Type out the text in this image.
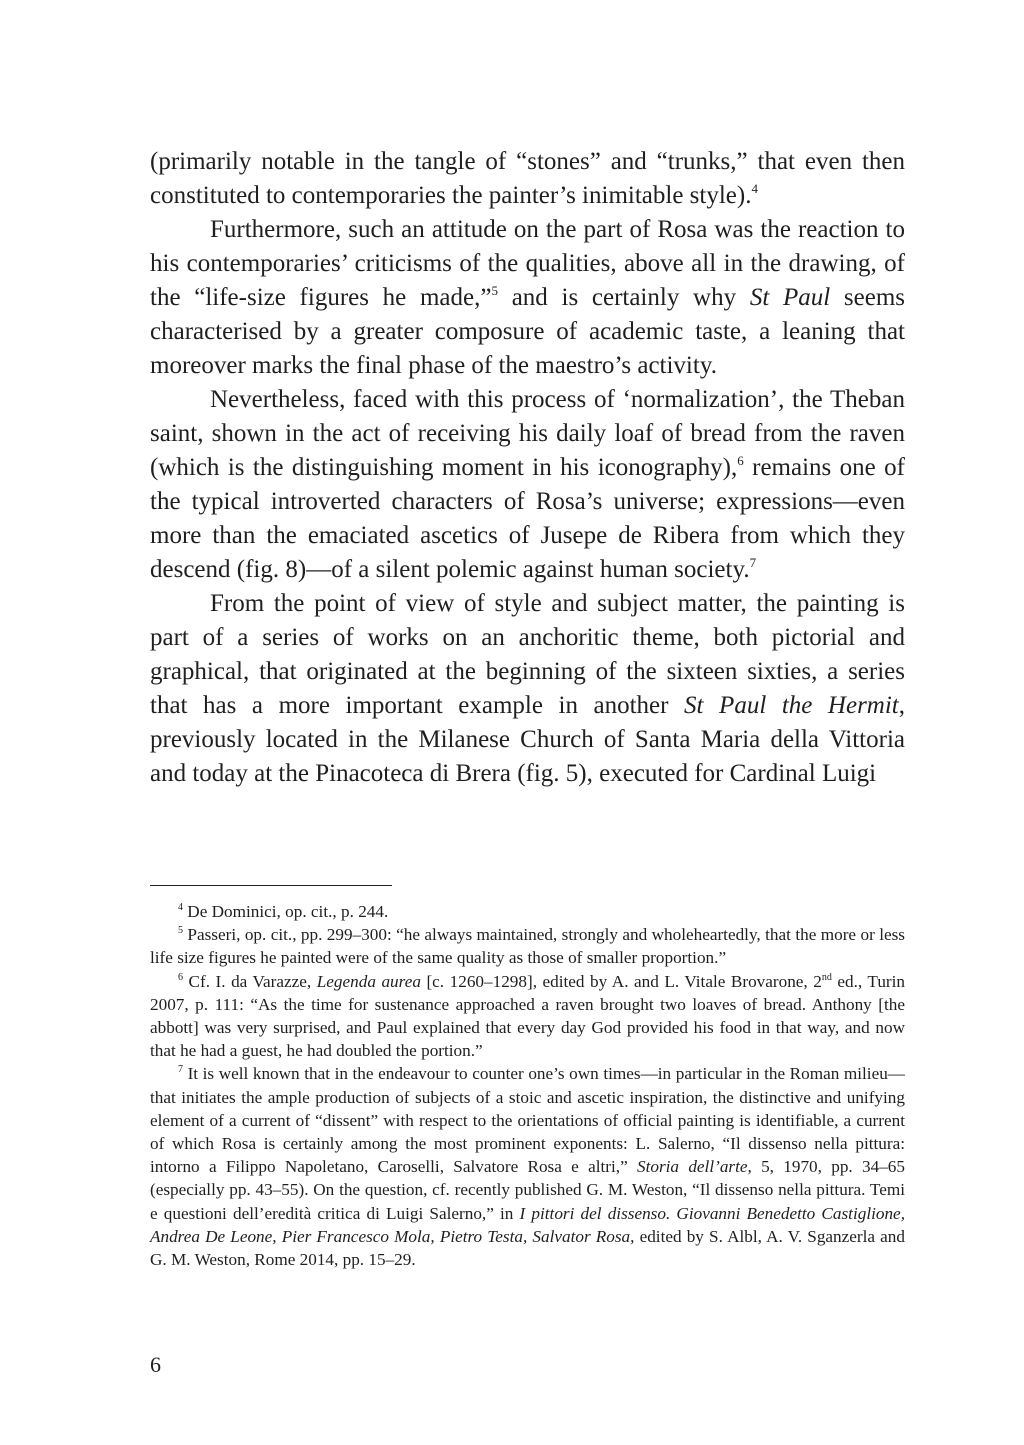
(primarily notable in the tangle of “stones” and “trunks,” that even then constituted to contemporaries the painter’s inimitable style).$^4$

Furthermore, such an attitude on the part of Rosa was the reaction to his contemporaries’ criticisms of the qualities, above all in the drawing, of the “life-size figures he made,”$^5$ and is certainly why St Paul seems characterised by a greater composure of academic taste, a leaning that moreover marks the final phase of the maestro’s activity.

Nevertheless, faced with this process of ‘normalization’, the Theban saint, shown in the act of receiving his daily loaf of bread from the raven (which is the distinguishing moment in his iconography),$^6$ remains one of the typical introverted characters of Rosa’s universe; expressions—even more than the emaciated ascetics of Jusepe de Ribera from which they descend (fig. 8)—of a silent polemic against human society.$^7$

From the point of view of style and subject matter, the painting is part of a series of works on an anchoritic theme, both pictorial and graphical, that originated at the beginning of the sixteen sixties, a series that has a more important example in another St Paul the Hermit, previously located in the Milanese Church of Santa Maria della Vittoria and today at the Pinacoteca di Brera (fig. 5), executed for Cardinal Luigi

$^4$ De Dominici, op. cit., p. 244.

$^5$ Passeri, op. cit., pp. 299–300: “he always maintained, strongly and wholeheartedly, that the more or less life size figures he painted were of the same quality as those of smaller proportion.”

$^6$ Cf. I. da Varazze, Legenda aurea [c. 1260–1298], edited by A. and L. Vitale Brovarone, 2nd ed., Turin 2007, p. 111: “As the time for sustenance approached a raven brought two loaves of bread. Anthony [the abbott] was very surprised, and Paul explained that every day God provided his food in that way, and now that he had a guest, he had doubled the portion.”

$^7$ It is well known that in the endeavour to counter one’s own times—in particular in the Roman milieu—that initiates the ample production of subjects of a stoic and ascetic inspiration, the distinctive and unifying element of a current of “dissent” with respect to the orientations of official painting is identifiable, a current of which Rosa is certainly among the most prominent exponents: L. Salerno, “Il dissenso nella pittura: intorno a Filippo Napoletano, Caroselli, Salvatore Rosa e altri,” Storia dell’arte, 5, 1970, pp. 34–65 (especially pp. 43–55). On the question, cf. recently published G. M. Weston, “Il dissenso nella pittura. Temi e questioni dell’eredità critica di Luigi Salerno,” in I pittori del dissenso. Giovanni Benedetto Castiglione, Andrea De Leone, Pier Francesco Mola, Pietro Testa, Salvator Rosa, edited by S. Albl, A. V. Sganzerla and G. M. Weston, Rome 2014, pp. 15–29.

6
